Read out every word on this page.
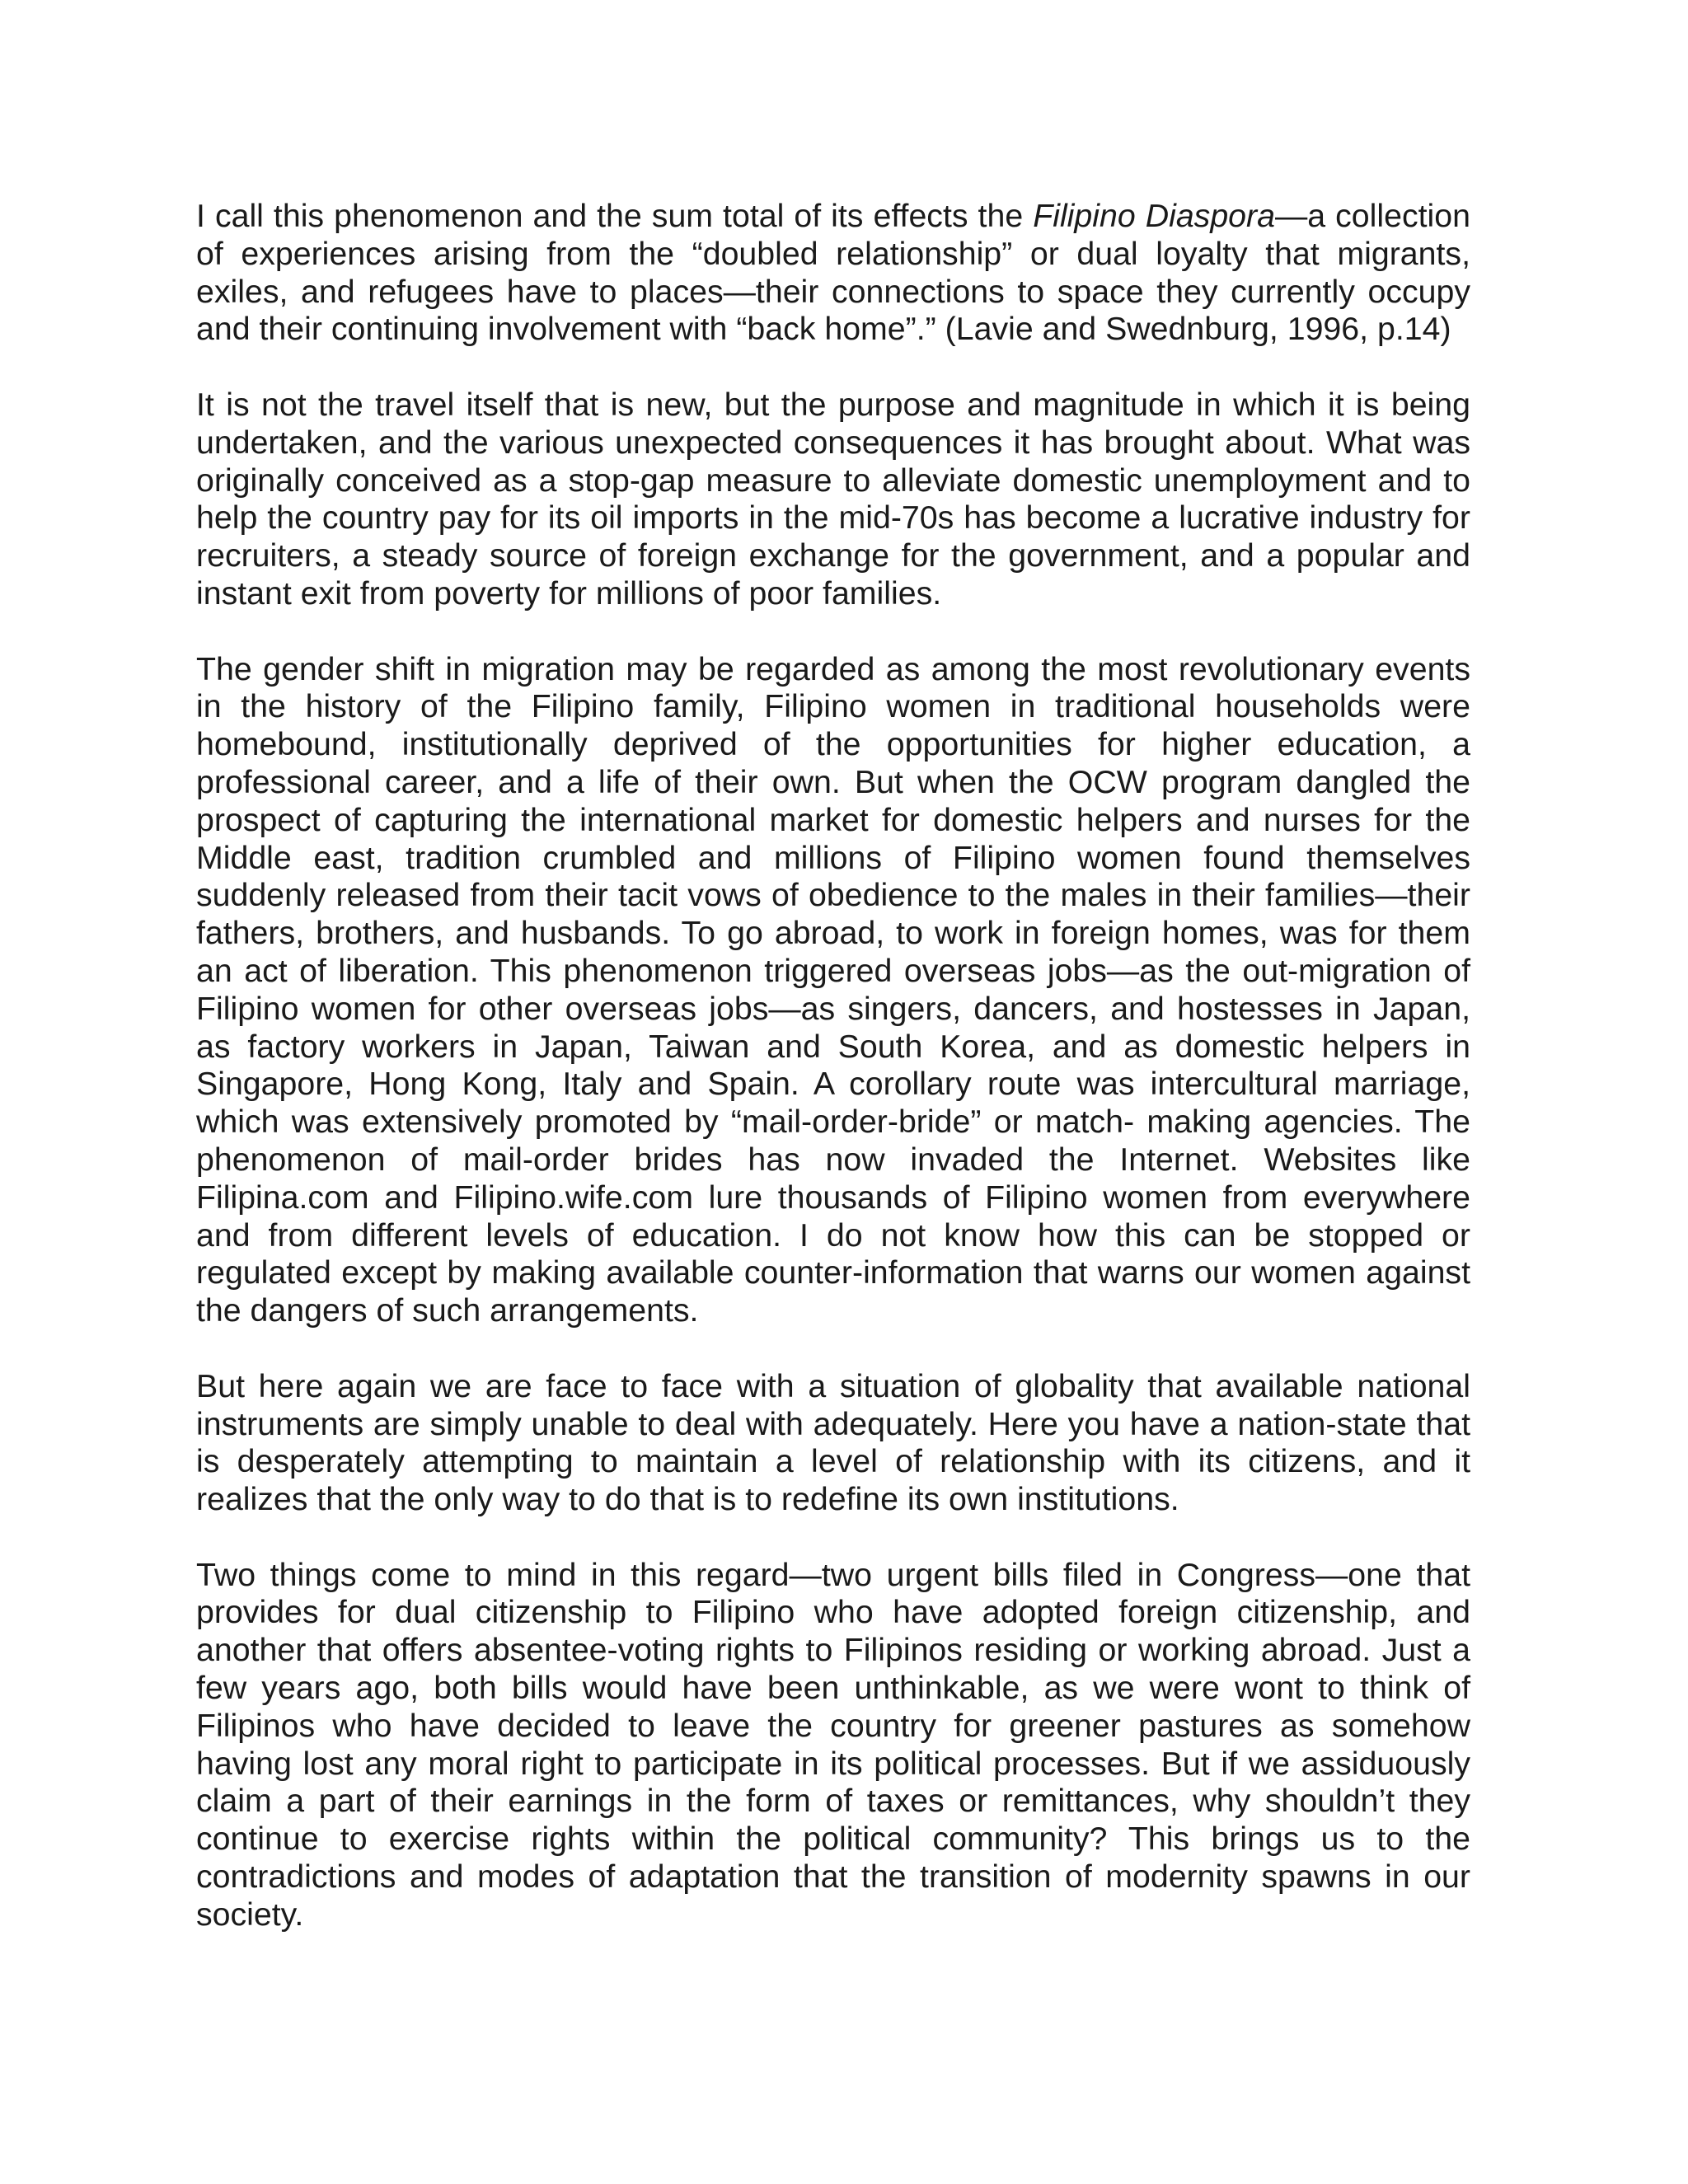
I call this phenomenon and the sum total of its effects the Filipino Diaspora—a collection of experiences arising from the “doubled relationship” or dual loyalty that migrants, exiles, and refugees have to places—their connections to space they currently occupy and their continuing involvement with “back home”.” (Lavie and Swednburg, 1996, p.14)

It is not the travel itself that is new, but the purpose and magnitude in which it is being undertaken, and the various unexpected consequences it has brought about. What was originally conceived as a stop-gap measure to alleviate domestic unemployment and to help the country pay for its oil imports in the mid-70s has become a lucrative industry for recruiters, a steady source of foreign exchange for the government, and a popular and instant exit from poverty for millions of poor families.

The gender shift in migration may be regarded as among the most revolutionary events in the history of the Filipino family, Filipino women in traditional households were homebound, institutionally deprived of the opportunities for higher education, a professional career, and a life of their own. But when the OCW program dangled the prospect of capturing the international market for domestic helpers and nurses for the Middle east, tradition crumbled and millions of Filipino women found themselves suddenly released from their tacit vows of obedience to the males in their families—their fathers, brothers, and husbands. To go abroad, to work in foreign homes, was for them an act of liberation. This phenomenon triggered overseas jobs—as the out-migration of Filipino women for other overseas jobs—as singers, dancers, and hostesses in Japan, as factory workers in Japan, Taiwan and South Korea, and as domestic helpers in Singapore, Hong Kong, Italy and Spain. A corollary route was intercultural marriage, which was extensively promoted by “mail-order-bride” or match- making agencies. The phenomenon of mail-order brides has now invaded the Internet. Websites like Filipina.com and Filipino.wife.com lure thousands of Filipino women from everywhere and from different levels of education. I do not know how this can be stopped or regulated except by making available counter-information that warns our women against the dangers of such arrangements.

But here again we are face to face with a situation of globality that available national instruments are simply unable to deal with adequately. Here you have a nation-state that is desperately attempting to maintain a level of relationship with its citizens, and it realizes that the only way to do that is to redefine its own institutions.

Two things come to mind in this regard—two urgent bills filed in Congress—one that provides for dual citizenship to Filipino who have adopted foreign citizenship, and another that offers absentee-voting rights to Filipinos residing or working abroad. Just a few years ago, both bills would have been unthinkable, as we were wont to think of Filipinos who have decided to leave the country for greener pastures as somehow having lost any moral right to participate in its political processes. But if we assiduously claim a part of their earnings in the form of taxes or remittances, why shouldn’t they continue to exercise rights within the political community? This brings us to the contradictions and modes of adaptation that the transition of modernity spawns in our society.
